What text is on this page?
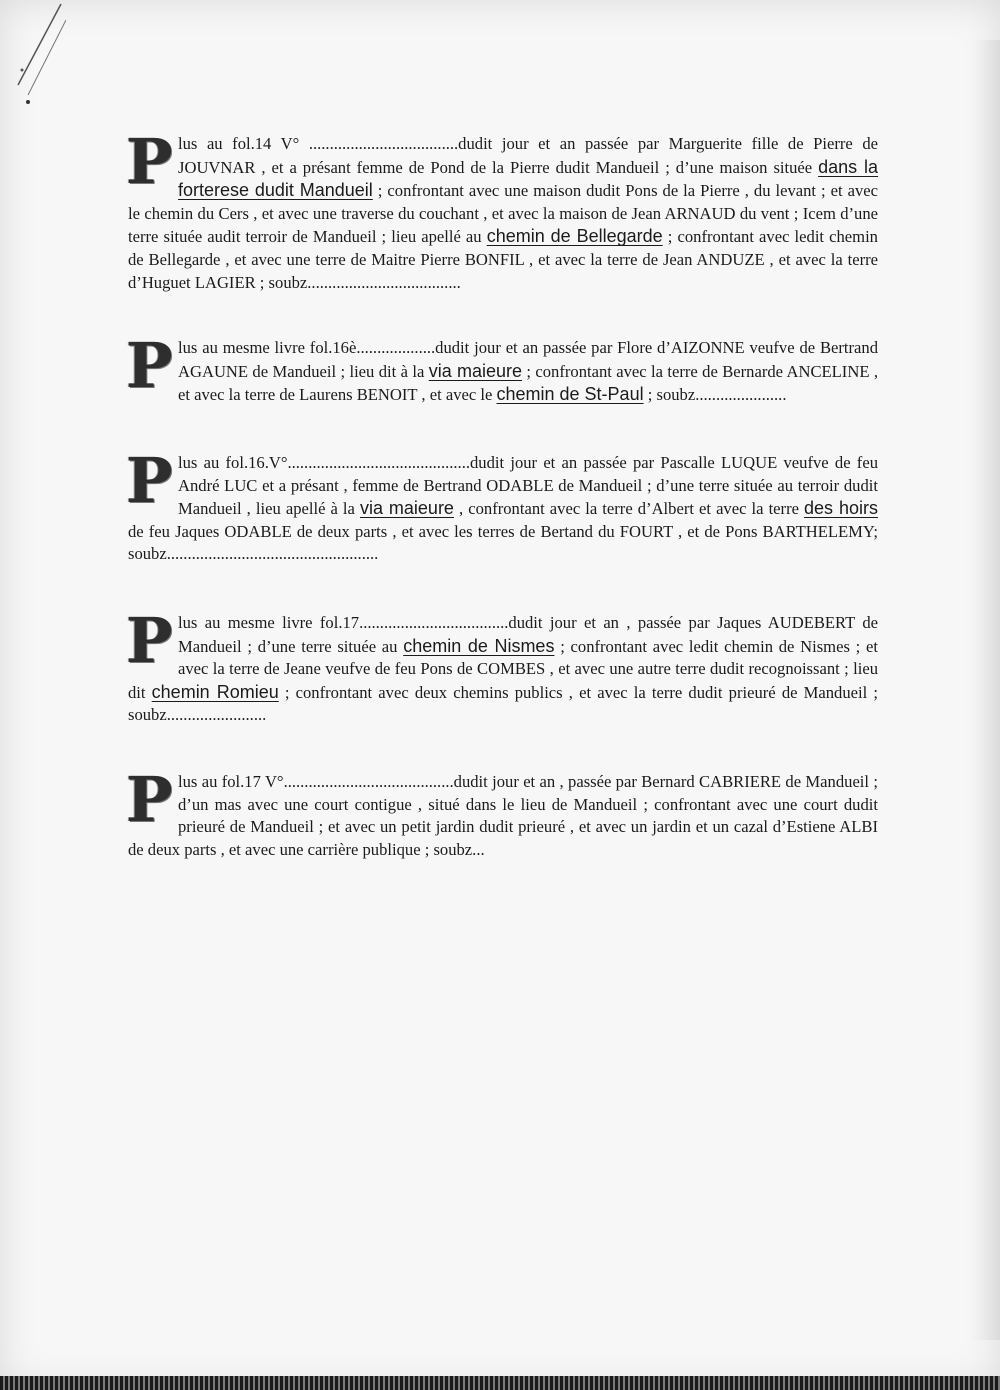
P lus au fol.14 V° ....................................dudit jour et an passée par Marguerite fille de Pierre de JOUVNAR , et a présant femme de Pond de la Pierre dudit Mandueil ; d’une maison située dans la forterese dudit Mandueil ; confrontant avec une maison dudit Pons de la Pierre , du levant ; et avec le chemin du Cers , et avec une traverse du couchant , et avec la maison de Jean ARNAUD du vent ; Icem d’une terre située audit terroir de Mandueil ; lieu apellé au chemin de Bellegarde ; confrontant avec ledit chemin de Bellegarde , et avec une terre de Maitre Pierre BONFIL , et avec la terre de Jean ANDUZE , et avec la terre d’Huguet LAGIER ; soubz.....................................
P lus au mesme livre fol.16è...................dudit jour et an passée par Flore d’AIZONNE veufve de Bertrand AGAUNE de Mandueil ; lieu dit à la via maieure ; confrontant avec la terre de Bernarde ANCELINE , et avec la terre de Laurens BENOIT , et avec le chemin de St-Paul ; soubz......................
P lus au fol.16.V°............................................dudit jour et an passée par Pascalle LUQUE veufve de feu André LUC et a présant , femme de Bertrand ODABLE de Mandueil ; d’une terre située au terroir dudit Mandueil , lieu apellé à la via maieure , confrontant avec la terre d’Albert et avec la terre des hoirs de feu Jaques ODABLE de deux parts , et avec les terres de Bertand du FOURT , et de Pons BARTHELEMY; soubz...................................................
P lus au mesme livre fol.17....................................dudit jour et an , passée par Jaques AUDEBERT de Mandueil ; d’une terre située au chemin de Nismes ; confrontant avec ledit chemin de Nismes ; et avec la terre de Jeane veufve de feu Pons de COMBES , et avec une autre terre dudit recognoissant ; lieu dit chemin Romieu ; confrontant avec deux chemins publics , et avec la terre dudit prieuré de Mandueil ; soubz........................
P lus au fol.17 V°.........................................dudit jour et an , passée par Bernard CABRIERE de Mandueil ; d’un mas avec une court contigue , situé dans le lieu de Mandueil ; confrontant avec une court dudit prieuré de Mandueil ; et avec un petit jardin dudit prieuré , et avec un jardin et un cazal d’Estiene ALBI de deux parts , et avec une carrière publique ; soubz...
